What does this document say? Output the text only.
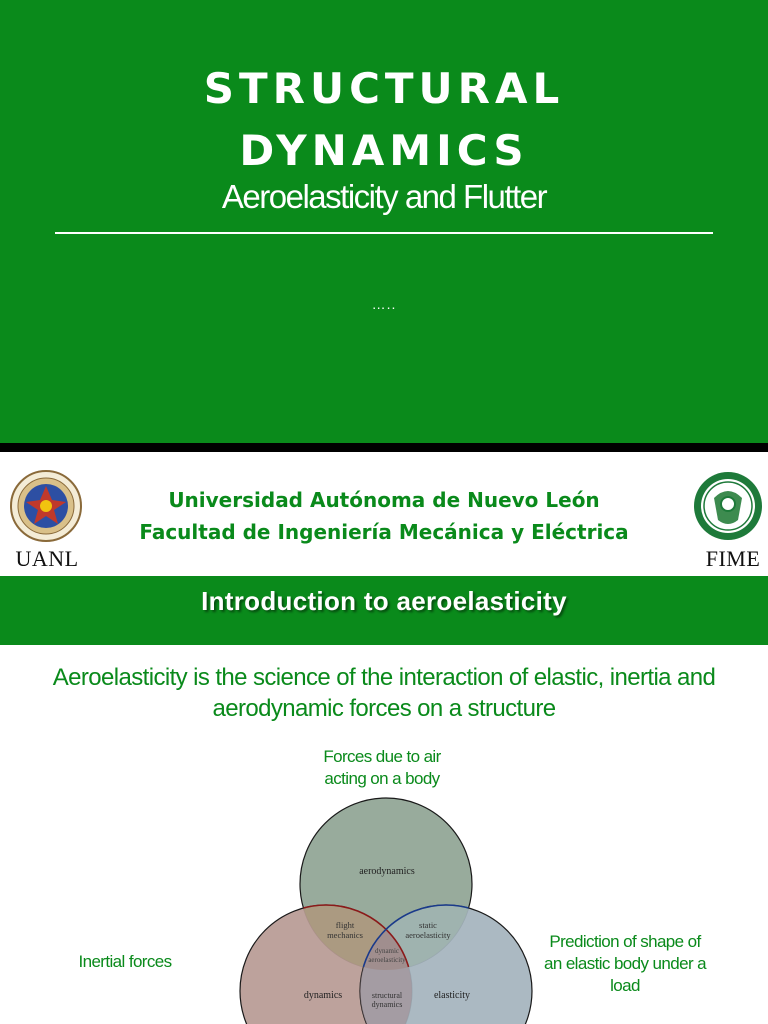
STRUCTURAL
DYNAMICS
Aeroelasticity and Flutter
…..
UANL
Universidad Autónoma de Nuevo León
Facultad de Ingeniería Mecánica y Eléctrica
FIME
Introduction to aeroelasticity
Aeroelasticity is the science of the interaction of elastic, inertia and
aerodynamic forces on a structure
Forces due to air
acting on a body
Inertial forces
Prediction of shape of
an elastic body under a
load
aerodynamics
flight
mechanics
static
aeroelasticity
dynamic
aeroelasticity
dynamics	structural
dynamics
elasticity
